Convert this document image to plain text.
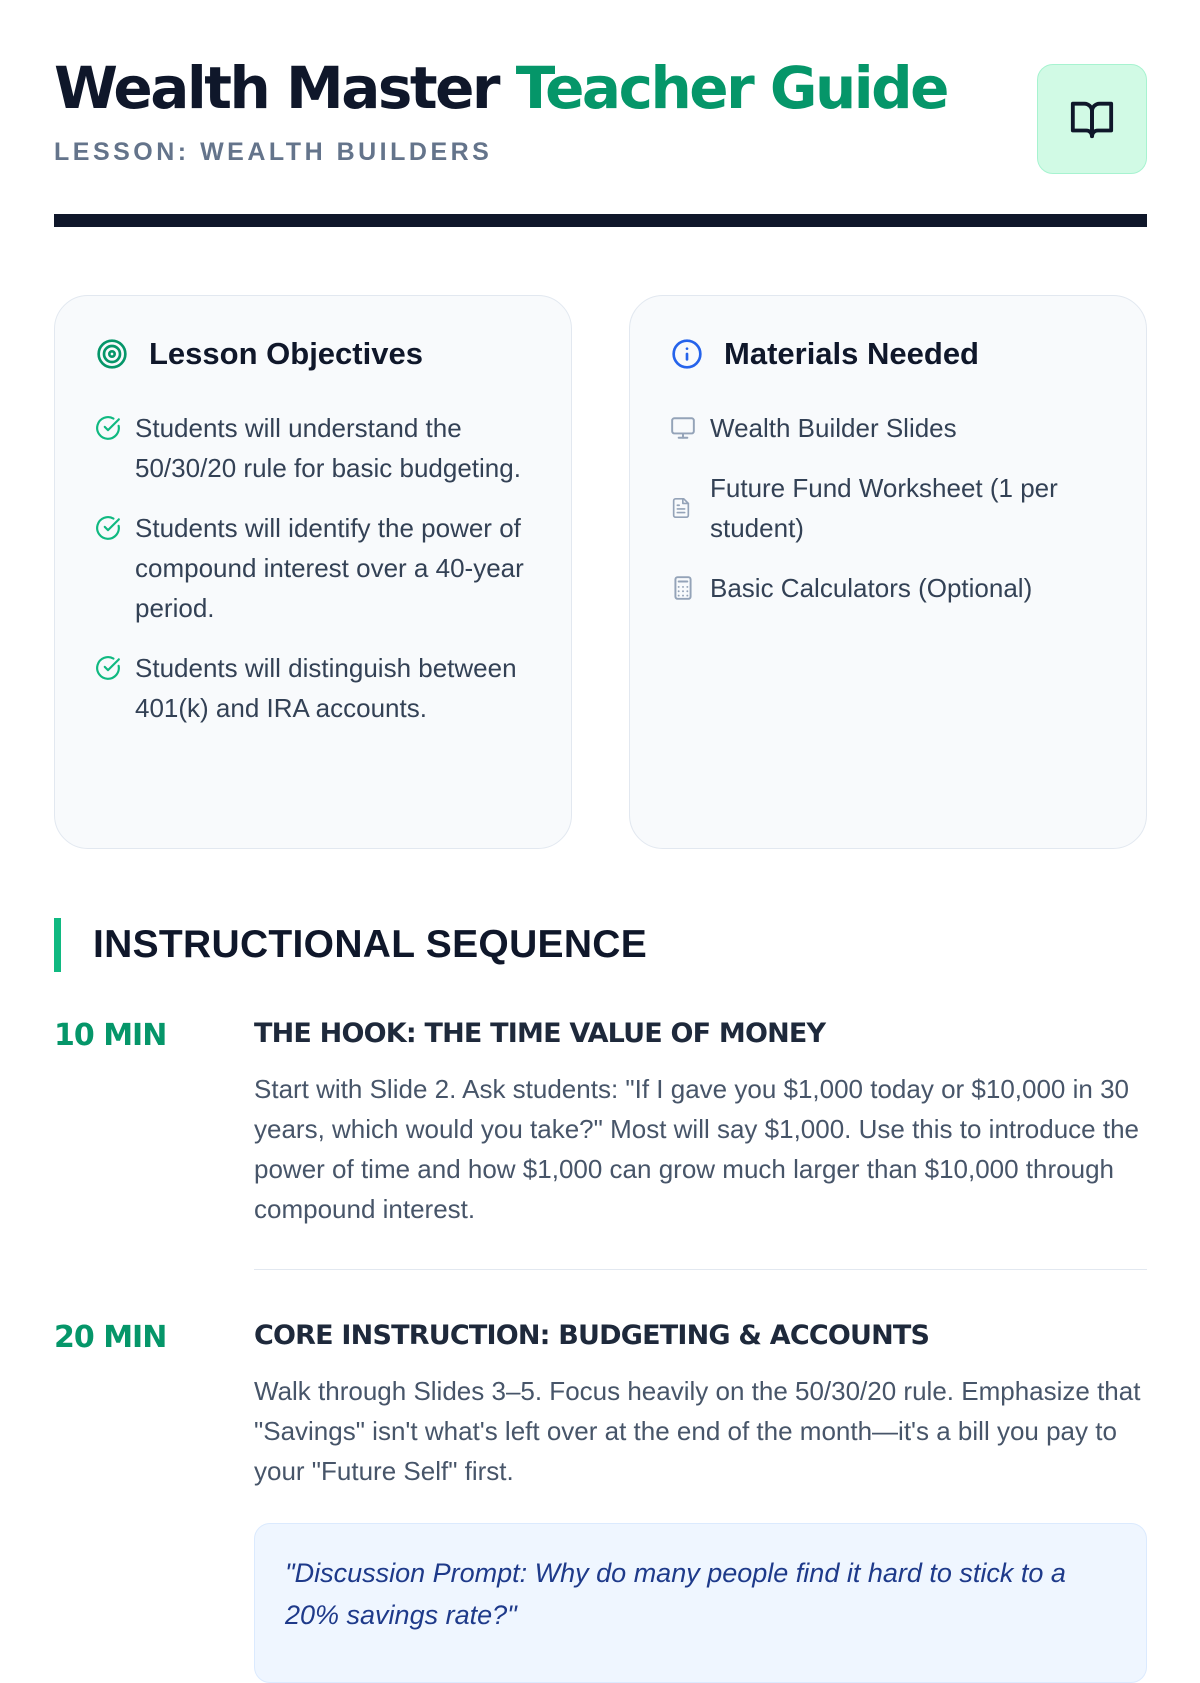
Wealth Master Teacher Guide
LESSON: WEALTH BUILDERS
Lesson Objectives
Students will understand the 50/30/20 rule for basic budgeting.
Students will identify the power of compound interest over a 40-year period.
Students will distinguish between 401(k) and IRA accounts.
Materials Needed
Wealth Builder Slides
Future Fund Worksheet (1 per student)
Basic Calculators (Optional)
INSTRUCTIONAL SEQUENCE
10 MIN	THE HOOK: THE TIME VALUE OF MONEY
Start with Slide 2. Ask students: "If I gave you $1,000 today or $10,000 in 30 years, which would you take?" Most will say $1,000. Use this to introduce the power of time and how $1,000 can grow much larger than $10,000 through compound interest.
20 MIN	CORE INSTRUCTION: BUDGETING & ACCOUNTS
Walk through Slides 3–5. Focus heavily on the 50/30/20 rule. Emphasize that "Savings" isn't what's left over at the end of the month—it's a bill you pay to your "Future Self" first.
"Discussion Prompt: Why do many people find it hard to stick to a 20% savings rate?"
